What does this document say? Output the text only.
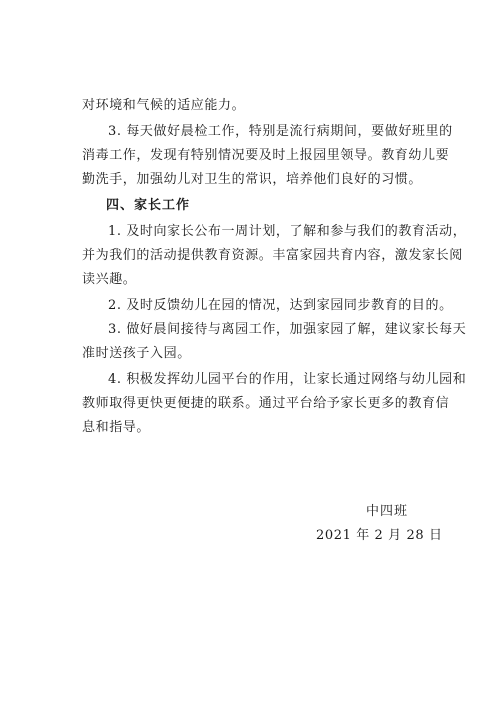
对环境和气候的适应能力。
3. 每天做好晨检工作，特别是流行病期间，要做好班里的
消毒工作，发现有特别情况要及时上报园里领导。教育幼儿要
勤洗手，加强幼儿对卫生的常识，培养他们良好的习惯。
四、家长工作
1. 及时向家长公布一周计划，了解和参与我们的教育活动，
并为我们的活动提供教育资源。丰富家园共育内容，激发家长阅
读兴趣。
2. 及时反馈幼儿在园的情况，达到家园同步教育的目的。
3. 做好晨间接待与离园工作，加强家园了解，建议家长每天
准时送孩子入园。
4. 积极发挥幼儿园平台的作用，让家长通过网络与幼儿园和
教师取得更快更便捷的联系。通过平台给予家长更多的教育信
息和指导。
中四班
2021 年 2 月 28 日
